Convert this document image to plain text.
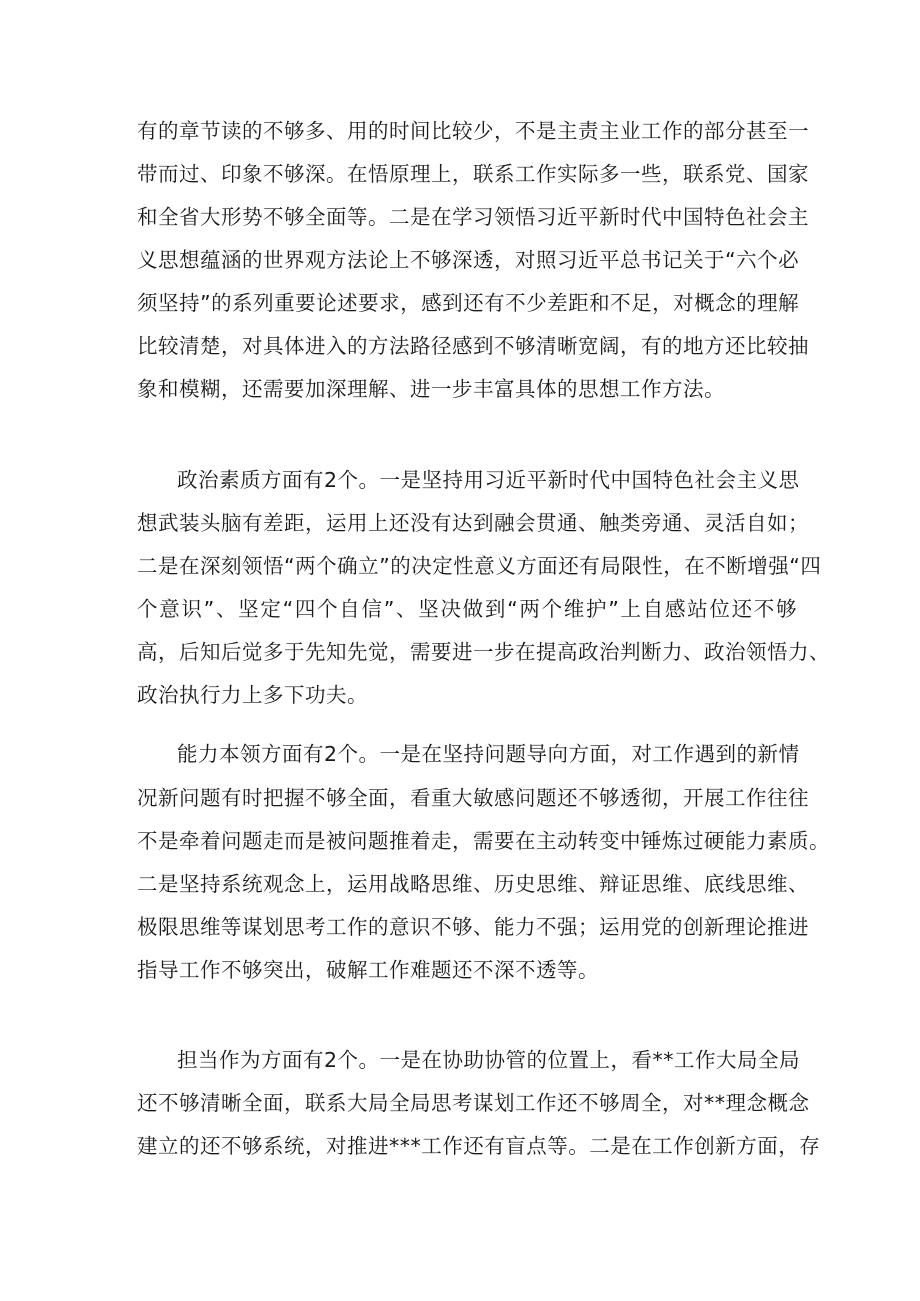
有的章节读的不够多、用的时间比较少，不是主责主业工作的部分甚至一
带而过、印象不够深。在悟原理上，联系工作实际多一些，联系党、国家
和全省大形势不够全面等。二是在学习领悟习近平新时代中国特色社会主
义思想蕴涵的世界观方法论上不够深透，对照习近平总书记关于“六个必
须坚持”的系列重要论述要求，感到还有不少差距和不足，对概念的理解
比较清楚，对具体进入的方法路径感到不够清晰宽阔，有的地方还比较抽
象和模糊，还需要加深理解、进一步丰富具体的思想工作方法。
政治素质方面有2个。一是坚持用习近平新时代中国特色社会主义思
想武装头脑有差距，运用上还没有达到融会贯通、触类旁通、灵活自如；
二是在深刻领悟“两个确立”的决定性意义方面还有局限性，在不断增强“四
个意识”、坚定“四个自信”、坚决做到“两个维护”上自感站位还不够
高，后知后觉多于先知先觉，需要进一步在提高政治判断力、政治领悟力、
政治执行力上多下功夫。
能力本领方面有2个。一是在坚持问题导向方面，对工作遇到的新情
况新问题有时把握不够全面，看重大敏感问题还不够透彻，开展工作往往
不是牵着问题走而是被问题推着走，需要在主动转变中锤炼过硬能力素质。
二是坚持系统观念上，运用战略思维、历史思维、辩证思维、底线思维、
极限思维等谋划思考工作的意识不够、能力不强；运用党的创新理论推进
指导工作不够突出，破解工作难题还不深不透等。
担当作为方面有2个。一是在协助协管的位置上，看**工作大局全局
还不够清晰全面，联系大局全局思考谋划工作还不够周全，对**理念概念
建立的还不够系统，对推进***工作还有盲点等。二是在工作创新方面，存
